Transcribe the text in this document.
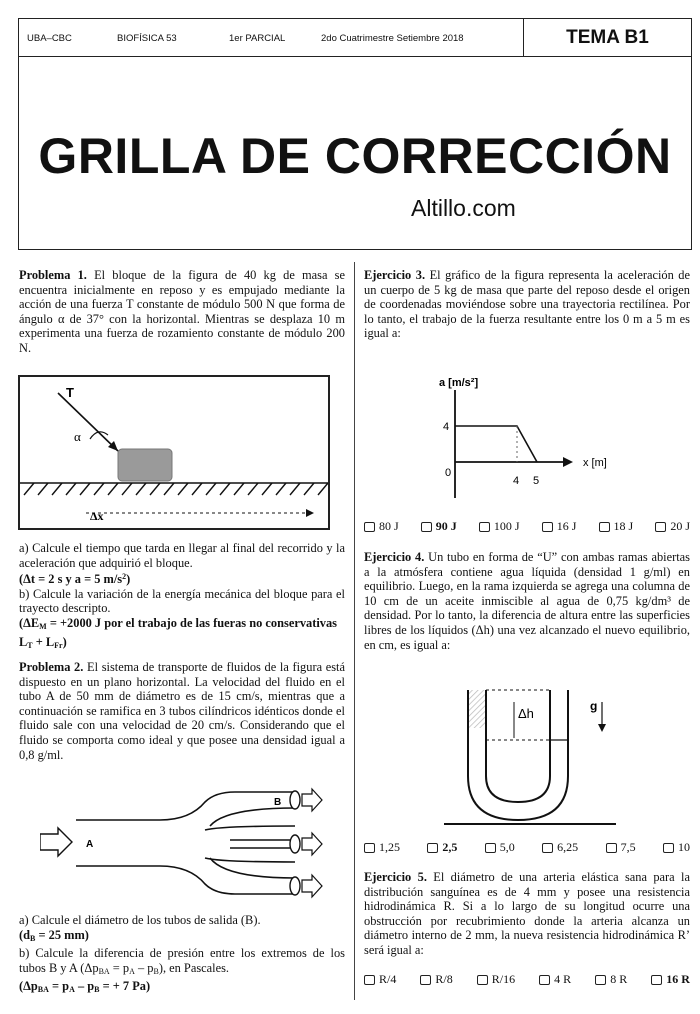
UBA–CBC	BIOFÍSICA 53	1er PARCIAL	2do Cuatrimestre Setiembre 2018	TEMA B1
GRILLA DE CORRECCIÓN
Altillo.com

Problema 1. El bloque de la figura de 40 kg de masa se encuentra inicialmente en reposo y es empujado mediante la acción de una fuerza T constante de módulo 500 N que forma de ángulo α de 37° con la horizontal. Mientras se desplaza 10 m experimenta una fuerza de rozamiento constante de módulo 200 N.

T
α
Δx

a) Calcule el tiempo que tarda en llegar al final del recorrido y la aceleración que adquirió el bloque.

(Δt = 2 s y a = 5 $m/s^2$)

b) Calcule la variación de la energía mecánica del bloque para el trayecto descripto.

($\Delta E_M = +2000$ J por el trabajo de las fueras no conservativas $L_T + L_{Fr}$)

Problema 2. El sistema de transporte de fluidos de la figura está dispuesto en un plano horizontal. La velocidad del fluido en el tubo A de 50 mm de diámetro es de 15 cm/s, mientras que a continuación se ramifica en 3 tubos cilíndricos idénticos donde el fluido sale con una velocidad de 20 cm/s. Considerando que el fluido se comporta como ideal y que posee una densidad igual a 0,8 g/ml.

A
B

a) Calcule el diámetro de los tubos de salida (B).

($d_B = 25$ mm)

b) Calcule la diferencia de presión entre los extremos de los tubos B y A $(\Delta p_{BA} = p_A - p_B)$, en Pascales.

($\Delta p_{BA} = p_A - p_B$ = + 7 Pa)

Ejercicio 3. El gráfico de la figura representa la aceleración de un cuerpo de 5 kg de masa que parte del reposo desde el origen de coordenadas moviéndose sobre una trayectoria rectilínea. Por lo tanto, el trabajo de la fuerza resultante entre los 0 m a 5 m es igual a:

a [m/s²]
x [m]
4
0
4 5
80 J	90 J	100 J	16 J	18 J	20 J

Ejercicio 4. Un tubo en forma de “U” con ambas ramas abiertas a la atmósfera contiene agua líquida (densidad 1 g/ml) en equilibrio. Luego, en la rama izquierda se agrega una columna de 10 cm de un aceite inmiscible al agua de 0,75 kg/dm³ de densidad. Por lo tanto, la diferencia de altura entre las superficies libres de los líquidos (Δh) una vez alcanzado el nuevo equilibrio, en cm, es igual a:

Δh	g
1,25	2,5	5,0	6,25	7,5	10

Ejercicio 5. El diámetro de una arteria elástica sana para la distribución sanguínea es de 4 mm y posee una resistencia hidrodinámica R. Si a lo largo de su longitud ocurre una obstrucción por recubrimiento donde la arteria alcanza un diámetro interno de 2 mm, la nueva resistencia hidrodinámica R’ será igual a:

R/4	R/8	R/16	4 R	8 R	16 R
